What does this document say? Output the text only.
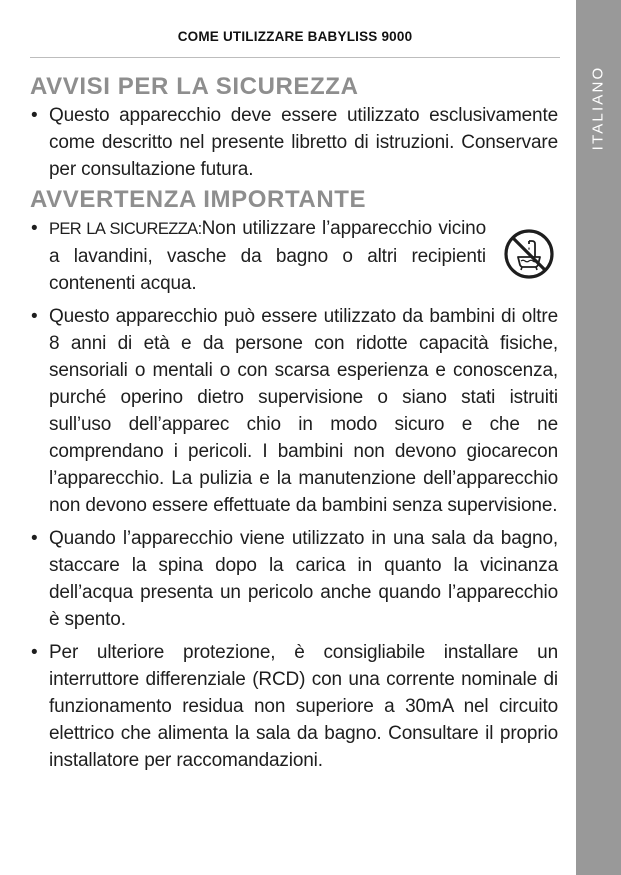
COME UTILIZZARE BABYLISS 9000
ITALIANO
AVVISI PER LA SICUREZZA
• Questo apparecchio deve essere utilizzato esclusivamente come descritto nel presente libretto di istruzioni. Conservare per consultazione futura.
AVVERTENZA IMPORTANTE
• PER LA SICUREZZA:Non utilizzare l’apparecchio vicino a lavandini, vasche da bagno o altri recipienti contenenti acqua.
• Questo apparecchio può essere utilizzato da bambini di oltre 8 anni di età e da persone con ridotte capacità fisiche, sensoriali o mentali o con scarsa esperienza e conoscenza, purché operino dietro supervisione o siano stati istruiti sull’uso dell’apparec chio in modo sicuro e che ne comprendano i pericoli. I bambini non devono giocarecon l’apparecchio. La pulizia e la manutenzione dell’apparecchio non devono essere effettuate da bambini senza supervisione.
• Quando l’apparecchio viene utilizzato in una sala da bagno, staccare la spina dopo la carica in quanto la vicinanza dell’acqua presenta un pericolo anche quando l’apparecchio è spento.
• Per ulteriore protezione, è consigliabile installare un interruttore differenziale (RCD) con una corrente nominale di funzionamento residua non superiore a 30mA nel circuito elettrico che alimenta la sala da bagno. Consultare il proprio installatore per raccomandazioni.
